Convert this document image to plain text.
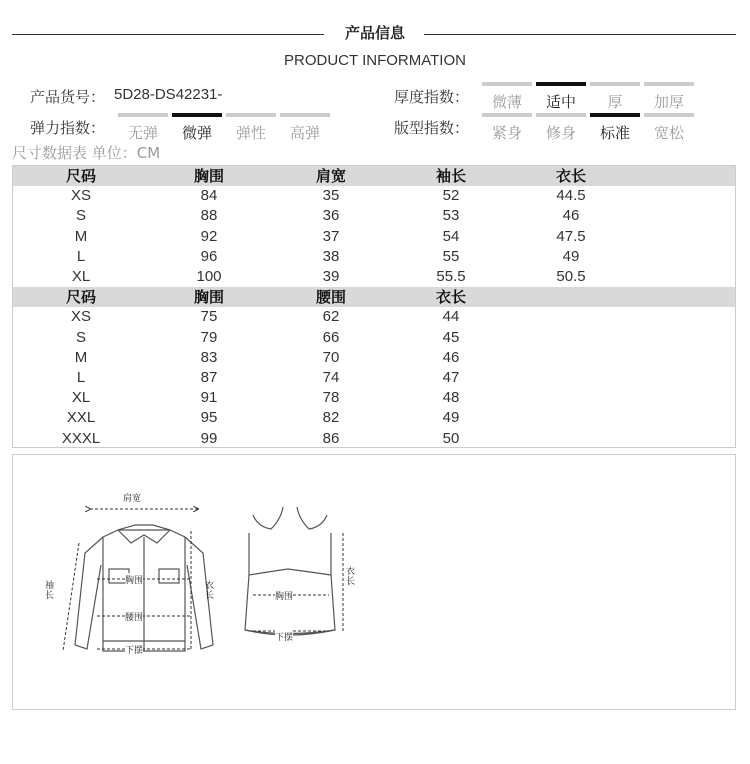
产品信息
PRODUCT INFORMATION
产品货号： 5D28-DS42231-	厚度指数：	微薄	适中	厚	加厚
弹力指数：	无弹	微弹	弹性	高弹	版型指数：	紧身	修身	标准	宽松
尺寸数据表 单位：CM
尺码	胸围	肩宽	袖长	衣长
XS	84	35	52	44.5
S	88	36	53	46
M	92	37	54	47.5
L	96	38	55	49
XL	100	39	55.5	50.5
尺码	胸围	腰围	衣长
XS	75	62	44
S	79	66	45
M	83	70	46
L	87	74	47
XL	91	78	48
XXL	95	82	49
XXXL	99	86	50
肩宽
袖长
衣长
胸围
腰围
下摆
衣长
胸围
下摆
